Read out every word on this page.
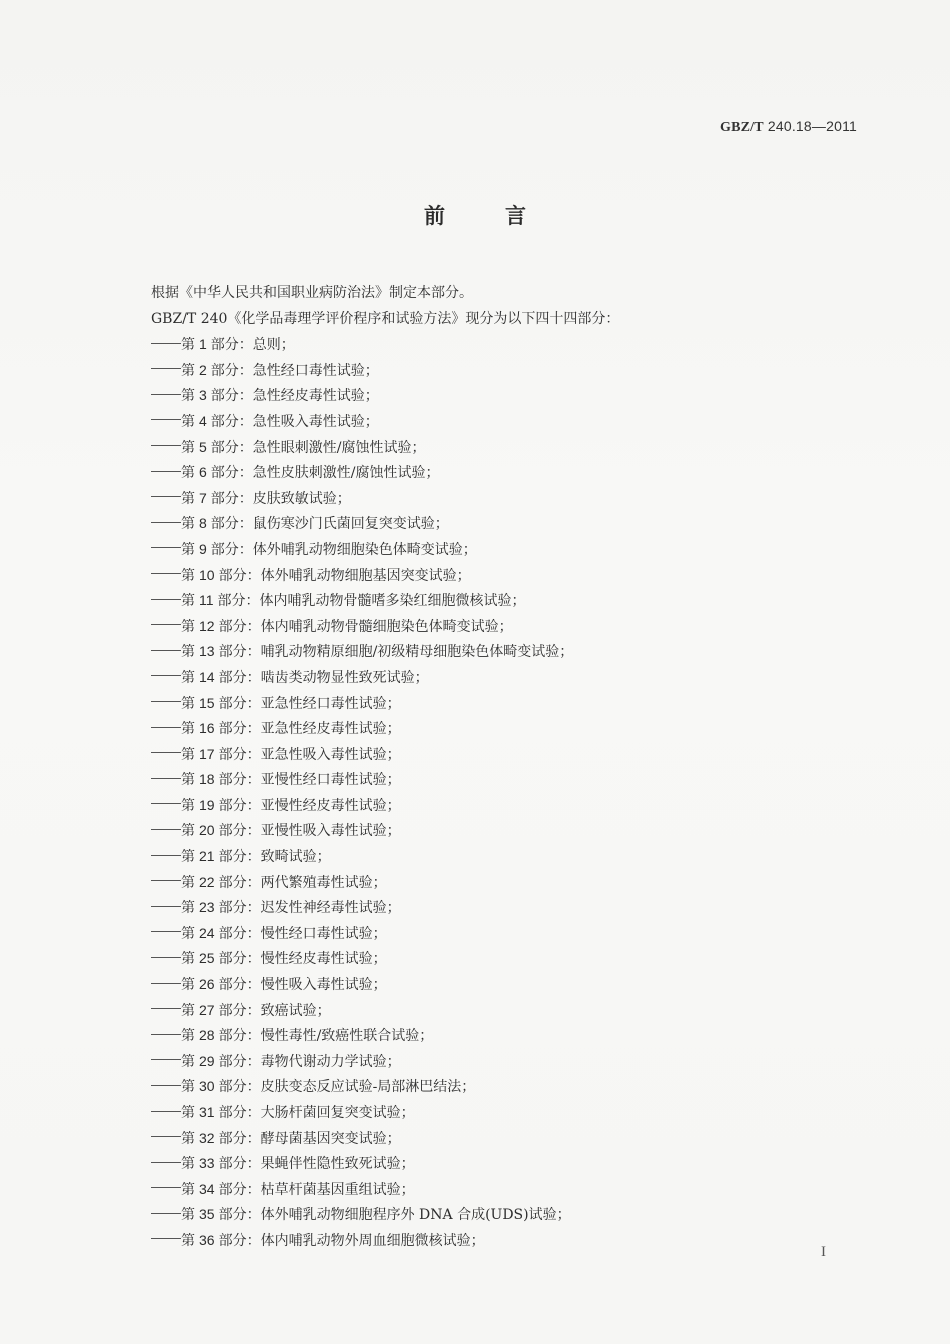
GBZ/T 240.18—2011
前	言
根据《中华人民共和国职业病防治法》制定本部分。
GBZ/T 240《化学品毒理学评价程序和试验方法》现分为以下四十四部分：
第 1 部分：总则；
第 2 部分：急性经口毒性试验；
第 3 部分：急性经皮毒性试验；
第 4 部分：急性吸入毒性试验；
第 5 部分：急性眼刺激性/腐蚀性试验；
第 6 部分：急性皮肤刺激性/腐蚀性试验；
第 7 部分：皮肤致敏试验；
第 8 部分：鼠伤寒沙门氏菌回复突变试验；
第 9 部分：体外哺乳动物细胞染色体畸变试验；
第 10 部分：体外哺乳动物细胞基因突变试验；
第 11 部分：体内哺乳动物骨髓嗜多染红细胞微核试验；
第 12 部分：体内哺乳动物骨髓细胞染色体畸变试验；
第 13 部分：哺乳动物精原细胞/初级精母细胞染色体畸变试验；
第 14 部分：啮齿类动物显性致死试验；
第 15 部分：亚急性经口毒性试验；
第 16 部分：亚急性经皮毒性试验；
第 17 部分：亚急性吸入毒性试验；
第 18 部分：亚慢性经口毒性试验；
第 19 部分：亚慢性经皮毒性试验；
第 20 部分：亚慢性吸入毒性试验；
第 21 部分：致畸试验；
第 22 部分：两代繁殖毒性试验；
第 23 部分：迟发性神经毒性试验；
第 24 部分：慢性经口毒性试验；
第 25 部分：慢性经皮毒性试验；
第 26 部分：慢性吸入毒性试验；
第 27 部分：致癌试验；
第 28 部分：慢性毒性/致癌性联合试验；
第 29 部分：毒物代谢动力学试验；
第 30 部分：皮肤变态反应试验-局部淋巴结法；
第 31 部分：大肠杆菌回复突变试验；
第 32 部分：酵母菌基因突变试验；
第 33 部分：果蝇伴性隐性致死试验；
第 34 部分：枯草杆菌基因重组试验；
第 35 部分：体外哺乳动物细胞程序外 DNA 合成(UDS)试验；
第 36 部分：体内哺乳动物外周血细胞微核试验；
I
